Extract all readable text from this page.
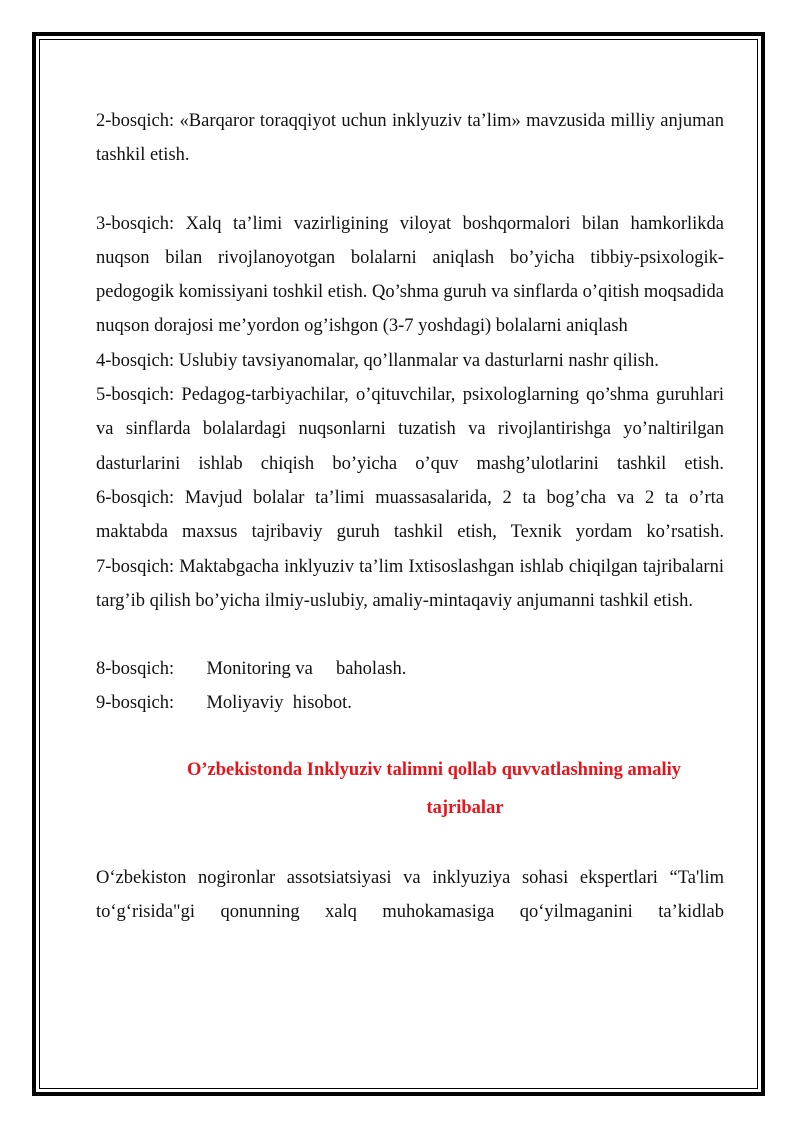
2-bosqich: «Barqaror toraqqiyot uchun inklyuziv ta’lim» mavzusida milliy anjuman tashkil etish.

3-bosqich: Xalq ta’limi vazirligining viloyat boshqormalori bilan hamkorlikda nuqson bilan rivojlanoyotgan bolalarni aniqlash bo’yicha tibbiy-psixologik-pedogogik komissiyani toshkil etish. Qo’shma guruh va sinflarda o’qitish moqsadida nuqson dorajosi me’yordon og’ishgon (3-7 yoshdagi) bolalarni aniqlash

4-bosqich: Uslubiy tavsiyanomalar, qo’llanmalar va dasturlarni nashr qilish.

5-bosqich: Pedagog-tarbiyachilar, o’qituvchilar, psixologlarning qo’shma guruhlari va sinflarda bolalardagi nuqsonlarni tuzatish va rivojlantirishga yo’naltirilgan dasturlarini ishlab chiqish bo’yicha o’quv mashg’ulotlarini tashkil etish.

6-bosqich: Mavjud bolalar ta’limi muassasalarida, 2 ta bog’cha va 2 ta o’rta maktabda maxsus tajribaviy guruh tashkil etish, Texnik yordam ko’rsatish.

7-bosqich: Maktabgacha inklyuziv ta’lim Ixtisoslashgan ishlab chiqilgan tajribalarni targ’ib qilish bo’yicha ilmiy-uslubiy, amaliy-mintaqaviy anjumanni tashkil etish.

8-bosqich:       Monitoring va     baholash.

9-bosqich:       Moliyaviy  hisobot.

O’zbekistonda Inklyuziv talimni qollab quvvatlashning amaliy
tajribalar

O‘zbekiston nogironlar assotsiatsiyasi va inklyuziya sohasi ekspertlari “Ta'lim to‘g‘risida"gi qonunning xalq muhokamasiga qo‘yilmaganini ta’kidlab
